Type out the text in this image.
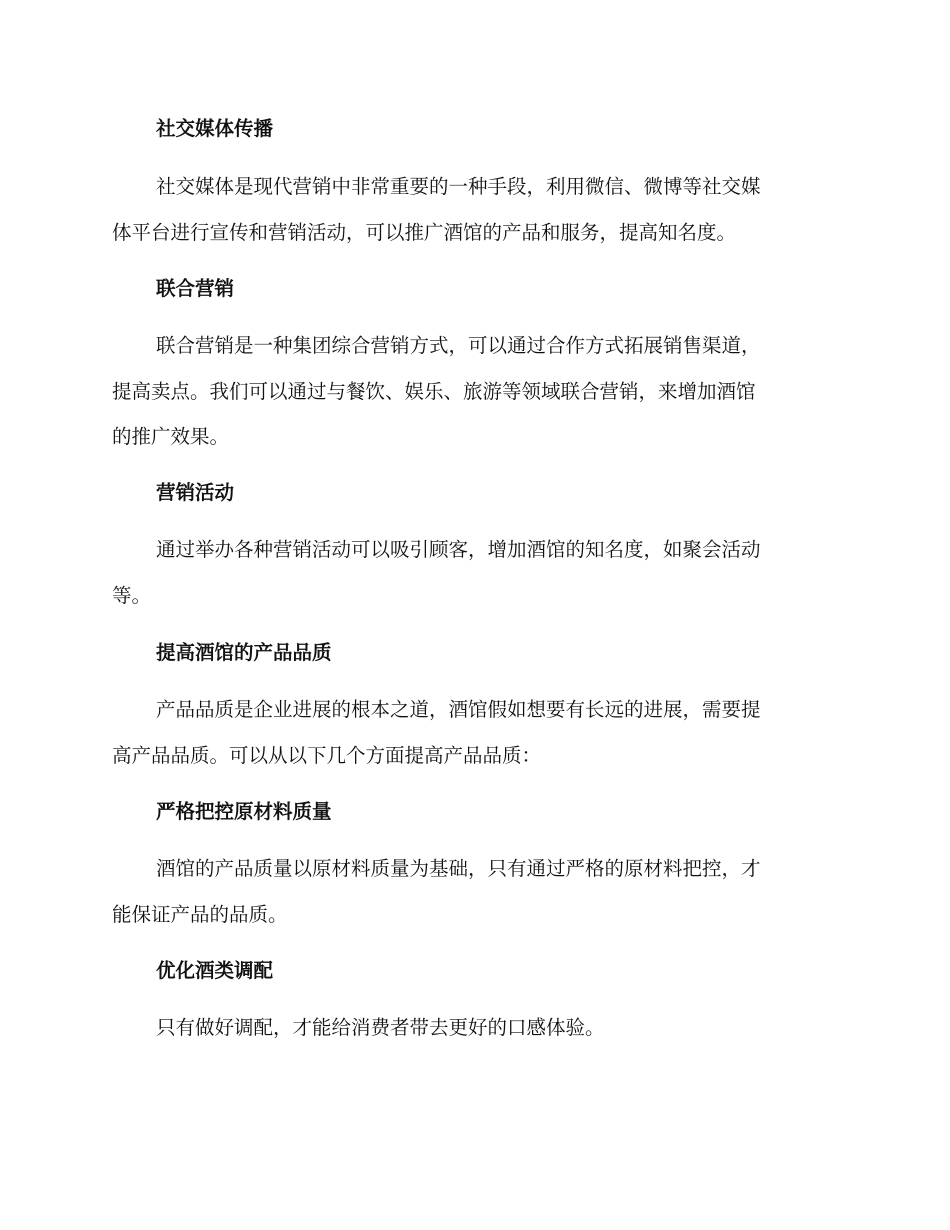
社交媒体传播
社交媒体是现代营销中非常重要的一种手段，利用微信、微博等社交媒
体平台进行宣传和营销活动，可以推广酒馆的产品和服务，提高知名度。
联合营销
联合营销是一种集团综合营销方式，可以通过合作方式拓展销售渠道，
提高卖点。我们可以通过与餐饮、娱乐、旅游等领域联合营销，来增加酒馆
的推广效果。
营销活动
通过举办各种营销活动可以吸引顾客，增加酒馆的知名度，如聚会活动
等。
提高酒馆的产品品质
产品品质是企业进展的根本之道，酒馆假如想要有长远的进展，需要提
高产品品质。可以从以下几个方面提高产品品质：
严格把控原材料质量
酒馆的产品质量以原材料质量为基础，只有通过严格的原材料把控，才
能保证产品的品质。
优化酒类调配
只有做好调配，才能给消费者带去更好的口感体验。
